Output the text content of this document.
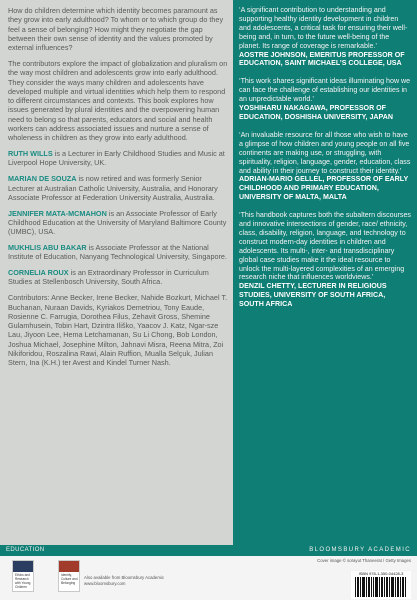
How do children determine which identity becomes paramount as they grow into early adulthood? To whom or to which group do they feel a sense of belonging? How might they negotiate the gap between their own sense of identity and the values promoted by external influences?

The contributors explore the impact of globalization and pluralism on the way most children and adolescents grow into early adulthood. They consider the ways many children and adolescents have developed multiple and virtual identities which help them to respond to different circumstances and contexts. This book explores how issues generated by plural identities and the overpowering human need to belong so that parents, educators and social and health workers can address associated issues and nurture a sense of wholeness in children as they grow into early adulthood.

RUTH WILLS is a Lecturer in Early Childhood Studies and Music at Liverpool Hope University, UK.

MARIAN DE SOUZA is now retired and was formerly Senior Lecturer at Australian Catholic University, Australia, and Honorary Associate Professor at Federation University Australia, Australia.

JENNIFER MATA-MCMAHON is an Associate Professor of Early Childhood Education at the University of Maryland Baltimore County (UMBC), USA.

MUKHLIS ABU BAKAR is Associate Professor at the National Institute of Education, Nanyang Technological University, Singapore.

CORNELIA ROUX is an Extraordinary Professor in Curriculum Studies at Stellenbosch University, South Africa.

Contributors: Anne Becker, Irene Becker, Nahide Bozkurt, Michael T. Buchanan, Nuraan Davids, Kyriakos Demetriou, Tony Eaude, Rosienne C. Farrugia, Dorothea Filus, Zehavit Gross, Shemine Gulamhusein, Tobin Hart, Dzintra Iliško, Yaacov J. Katz, Ngar-sze Lau, Jiyoon Lee, Hema Letchamanan, Su Li Chong, Bob London, Joshua Michael, Josephine Milton, Jahnavi Misra, Reena Mitra, Zoi Nikiforidou, Roszalina Rawi, Alain Ruffion, Mualla Selçuk, Julian Stern, Ina (K.H.) ter Avest and Kindel Turner Nash.

‘A significant contribution to understanding and supporting healthy identity development in children and adolescents, a critical task for ensuring their well-being and, in turn, to the future well-being of the planet. Its range of coverage is remarkable.’
AOSTRE JOHNSON, EMERITUS PROFESSOR OF EDUCATION, SAINT MICHAEL’S COLLEGE, USA
‘This work shares significant ideas illuminating how we can face the challenge of establishing our identities in an unpredictable world.’
YOSHIHARU NAKAGAWA, PROFESSOR OF EDUCATION, DOSHISHA UNIVERSITY, JAPAN
‘An invaluable resource for all those who wish to have a glimpse of how children and young people on all five continents are making use, or struggling, with spirituality, religion, language, gender, education, class and ability in their journey to construct their identity.’
ADRIAN-MARIO GELLEL, PROFESSOR OF EARLY CHILDHOOD AND PRIMARY EDUCATION, UNIVERSITY OF MALTA, MALTA
‘This handbook captures both the subaltern discourses and innovative intersections of gender, race/ ethnicity, class, disability, religion, language, and technology to construct modern-day identities in children and adolescents. Its multi-, inter- and transdisciplinary global case studies make it the ideal resource to unlock the multi-layered complexities of an emerging research niche that influences worldviews.’
DENZIL CHETTY, LECTURER IN RELIGIOUS STUDIES, UNIVERSITY OF SOUTH AFRICA, SOUTH AFRICA
EDUCATION	BLOOMSBURY ACADEMIC
Ethics and Research with Young Children
Identity, Culture and Belonging
Also available from Bloomsbury Academic
www.bloomsbury.com
Cover image © sorayut Thaneerat / Getty Images
ISBN 978-1-350-04428-3
